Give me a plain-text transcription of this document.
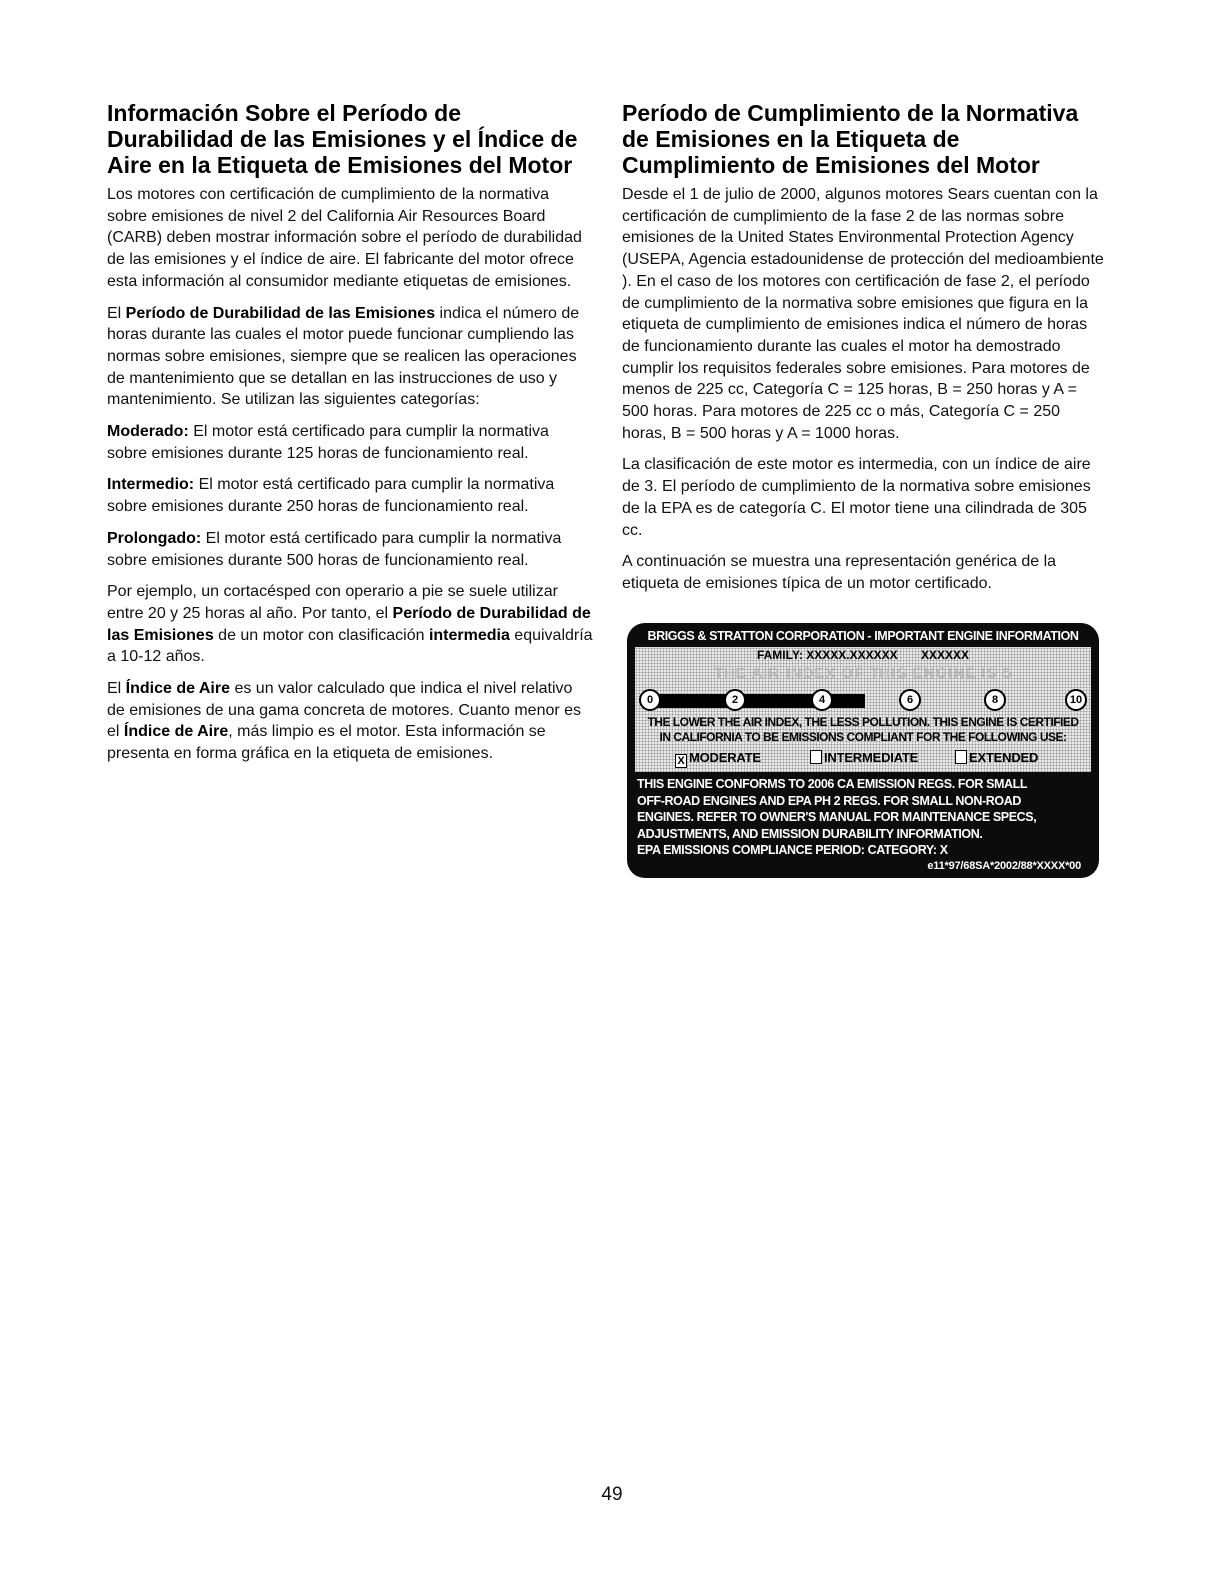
Información Sobre el Período de Durabilidad de las Emisiones y el Índice de Aire en la Etiqueta de Emisiones del Motor

Los motores con certificación de cumplimiento de la normativa sobre emisiones de nivel 2 del California Air Resources Board (CARB) deben mostrar información sobre el período de durabilidad de las emisiones y el índice de aire. El fabricante del motor ofrece esta información al consumidor mediante etiquetas de emisiones.

El Período de Durabilidad de las Emisiones indica el número de horas durante las cuales el motor puede funcionar cumpliendo las normas sobre emisiones, siempre que se realicen las operaciones de mantenimiento que se detallan en las instrucciones de uso y mantenimiento. Se utilizan las siguientes categorías:

Moderado: El motor está certificado para cumplir la normativa sobre emisiones durante 125 horas de funcionamiento real.

Intermedio: El motor está certificado para cumplir la normativa sobre emisiones durante 250 horas de funcionamiento real.

Prolongado: El motor está certificado para cumplir la normativa sobre emisiones durante 500 horas de funcionamiento real.

Por ejemplo, un cortacésped con operario a pie se suele utilizar entre 20 y 25 horas al año. Por tanto, el Período de Durabilidad de las Emisiones de un motor con clasificación intermedia equivaldría a 10-12 años.

El Índice de Aire es un valor calculado que indica el nivel relativo de emisiones de una gama concreta de motores. Cuanto menor es el Índice de Aire, más limpio es el motor. Esta información se presenta en forma gráfica en la etiqueta de emisiones.

Período de Cumplimiento de la Normativa de Emisiones en la Etiqueta de Cumplimiento de Emisiones del Motor

Desde el 1 de julio de 2000, algunos motores Sears cuentan con la certificación de cumplimiento de la fase 2 de las normas sobre emisiones de la United States Environmental Protection Agency (USEPA, Agencia estadounidense de protección del medioambiente ). En el caso de los motores con certificación de fase 2, el período de cumplimiento de la normativa sobre emisiones que figura en la etiqueta de cumplimiento de emisiones indica el número de horas de funcionamiento durante las cuales el motor ha demostrado cumplir los requisitos federales sobre emisiones. Para motores de menos de 225 cc, Categoría C = 125 horas, B = 250 horas y A = 500 horas. Para motores de 225 cc o más, Categoría C = 250 horas, B = 500 horas y A = 1000 horas.

La clasificación de este motor es intermedia, con un índice de aire de 3. El período de cumplimiento de la normativa sobre emisiones de la EPA es de categoría C. El motor tiene una cilindrada de 305 cc.

A continuación se muestra una representación genérica de la etiqueta de emisiones típica de un motor certificado.

BRIGGS & STRATTON CORPORATION - IMPORTANT ENGINE INFORMATION
FAMILY: XXXXX.XXXXXX XXXXXX
THE AIR INDEX OF THIS ENGINE IS 5
0	2	4	6	8	10
THE LOWER THE AIR INDEX, THE LESS POLLUTION. THIS ENGINE IS CERTIFIED
IN CALIFORNIA TO BE EMISSIONS COMPLIANT FOR THE FOLLOWING USE:
X MODERATE	INTERMEDIATE	EXTENDED
THIS ENGINE CONFORMS TO 2006 CA EMISSION REGS. FOR SMALL
OFF-ROAD ENGINES AND EPA PH 2 REGS. FOR SMALL NON-ROAD
ENGINES. REFER TO OWNER'S MANUAL FOR MAINTENANCE SPECS,
ADJUSTMENTS, AND EMISSION DURABILITY INFORMATION.
EPA EMISSIONS COMPLIANCE PERIOD: CATEGORY: X
e11*97/68SA*2002/88*XXXX*00
49
